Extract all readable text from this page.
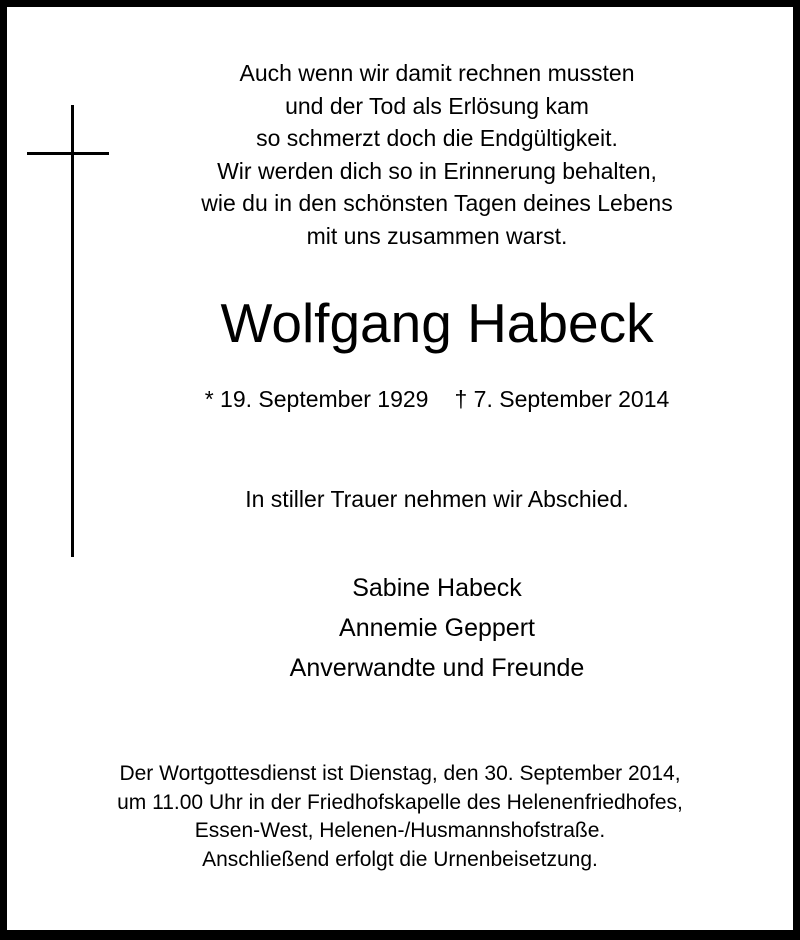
Auch wenn wir damit rechnen mussten
und der Tod als Erlösung kam
so schmerzt doch die Endgültigkeit.
Wir werden dich so in Erinnerung behalten,
wie du in den schönsten Tagen deines Lebens
mit uns zusammen warst.

Wolfgang Habeck
* 19. September 1929 † 7. September 2014
In stiller Trauer nehmen wir Abschied.
Sabine Habeck
Annemie Geppert
Anverwandte und Freunde
Der Wortgottesdienst ist Dienstag, den 30. September 2014,
um 11.00 Uhr in der Friedhofskapelle des Helenenfriedhofes,
Essen-West, Helenen-/Husmannshofstraße.
Anschließend erfolgt die Urnenbeisetzung.
